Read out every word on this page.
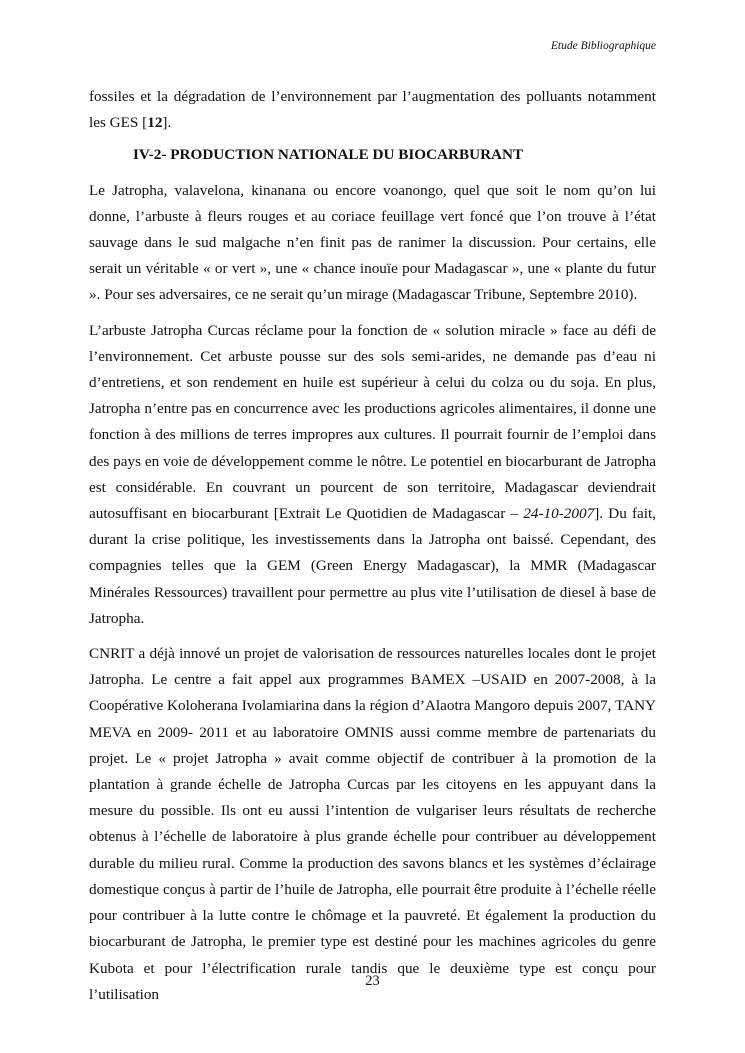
Etude Bibliographique

fossiles et la dégradation de l’environnement par l’augmentation des polluants notamment les GES [12].

IV-2- PRODUCTION NATIONALE DU BIOCARBURANT

Le Jatropha, valavelona, kinanana ou encore voanongo, quel que soit le nom qu’on lui donne, l’arbuste à fleurs rouges et au coriace feuillage vert foncé que l’on trouve à l’état sauvage dans le sud malgache n’en finit pas de ranimer la discussion. Pour certains, elle serait un véritable « or vert », une « chance inouïe pour Madagascar », une « plante du futur ». Pour ses adversaires, ce ne serait qu’un mirage (Madagascar Tribune, Septembre 2010).

L’arbuste Jatropha Curcas réclame pour la fonction de « solution miracle » face au défi de l’environnement. Cet arbuste pousse sur des sols semi-arides, ne demande pas d’eau ni d’entretiens, et son rendement en huile est supérieur à celui du colza ou du soja. En plus, Jatropha n’entre pas en concurrence avec les productions agricoles alimentaires, il donne une fonction à des millions de terres impropres aux cultures. Il pourrait fournir de l’emploi dans des pays en voie de développement comme le nôtre. Le potentiel en biocarburant de Jatropha est considérable. En couvrant un pourcent de son territoire, Madagascar deviendrait autosuffisant en biocarburant [Extrait Le Quotidien de Madagascar – 24-10-2007]. Du fait, durant la crise politique, les investissements dans la Jatropha ont baissé. Cependant, des compagnies telles que la GEM (Green Energy Madagascar), la MMR (Madagascar Minérales Ressources) travaillent pour permettre au plus vite l’utilisation de diesel à base de Jatropha.

CNRIT a déjà innové un projet de valorisation de ressources naturelles locales dont le projet Jatropha. Le centre a fait appel aux programmes BAMEX –USAID en 2007-2008, à la Coopérative Koloherana Ivolamiarina dans la région d’Alaotra Mangoro depuis 2007, TANY MEVA en 2009- 2011 et au laboratoire OMNIS aussi comme membre de partenariats du projet. Le « projet Jatropha » avait comme objectif de contribuer à la promotion de la plantation à grande échelle de Jatropha Curcas par les citoyens en les appuyant dans la mesure du possible. Ils ont eu aussi l’intention de vulgariser leurs résultats de recherche obtenus à l’échelle de laboratoire à plus grande échelle pour contribuer au développement durable du milieu rural. Comme la production des savons blancs et les systèmes d’éclairage domestique conçus à partir de l’huile de Jatropha, elle pourrait être produite à l’échelle réelle pour contribuer à la lutte contre le chômage et la pauvreté. Et également la production du biocarburant de Jatropha, le premier type est destiné pour les machines agricoles du genre Kubota et pour l’électrification rurale tandis que le deuxième type est conçu pour l’utilisation

23
